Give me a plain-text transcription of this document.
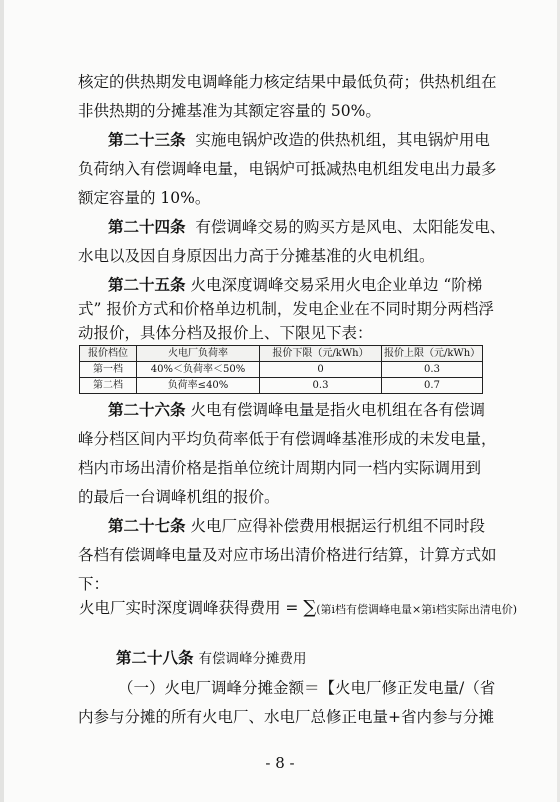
核定的供热期发电调峰能力核定结果中最低负荷；供热机组在
非供热期的分摊基准为其额定容量的 50%。
第二十三条 实施电锅炉改造的供热机组，其电锅炉用电
负荷纳入有偿调峰电量，电锅炉可抵减热电机组发电出力最多
额定容量的 10%。
第二十四条 有偿调峰交易的购买方是风电、太阳能发电、
水电以及因自身原因出力高于分摊基准的火电机组。
第二十五条 火电深度调峰交易采用火电企业单边 “阶梯
式” 报价方式和价格单边机制，发电企业在不同时期分两档浮
动报价，具体分档及报价上、下限见下表：
报价档位	火电厂负荷率	报价下限（元/kWh）	报价上限（元/kWh）
第一档	40%＜负荷率＜50%	0	0.3
第二档	负荷率≤40%	0.3	0.7
第二十六条 火电有偿调峰电量是指火电机组在各有偿调
峰分档区间内平均负荷率低于有偿调峰基准形成的未发电量，
档内市场出清价格是指单位统计周期内同一档内实际调用到
的最后一台调峰机组的报价。
第二十七条 火电厂应得补偿费用根据运行机组不同时段
各档有偿调峰电量及对应市场出清价格进行结算，计算方式如
下：
火电厂实时深度调峰获得费用 = ∑(第i档有偿调峰电量×第i档实际出清电价)
第二十八条 有偿调峰分摊费用
（一）火电厂调峰分摊金额＝【火电厂修正发电量/（省
内参与分摊的所有火电厂、水电厂总修正电量+省内参与分摊
- 8 -
